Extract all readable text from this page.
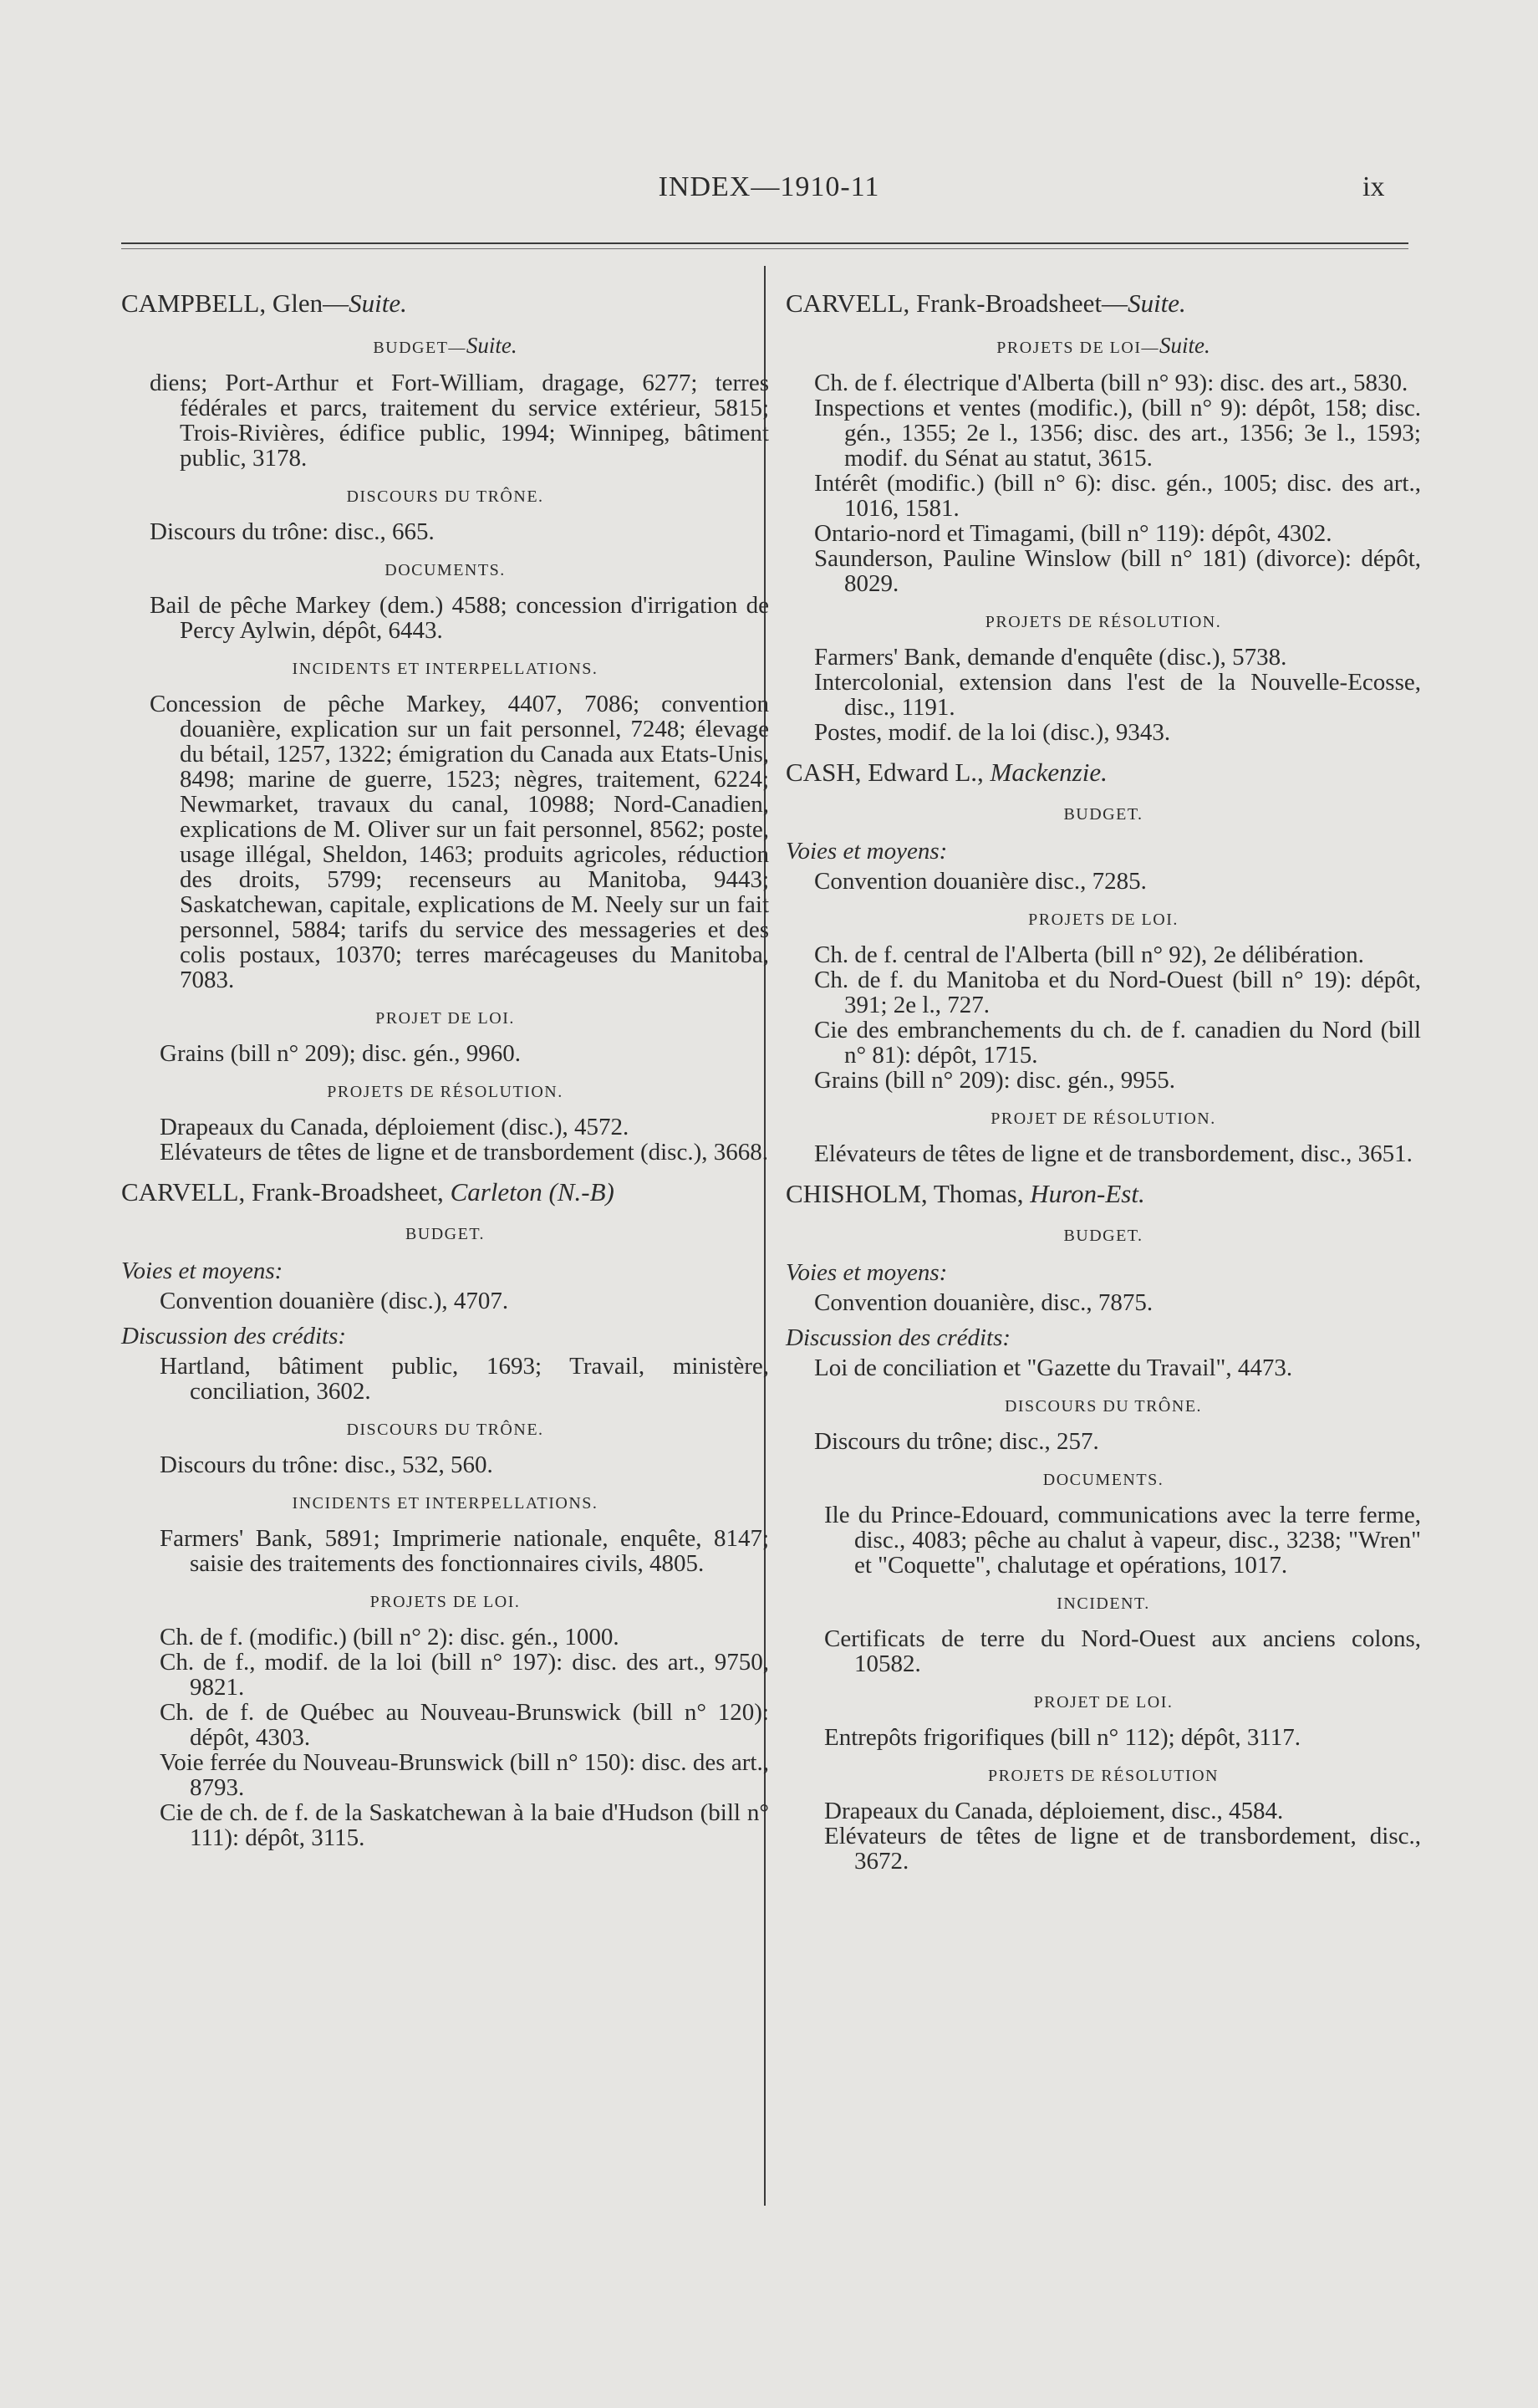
INDEX—1910-11	ix
CAMPBELL, Glen—Suite.
BUDGET—Suite.

diens; Port-Arthur et Fort-William, dragage, 6277; terres fédérales et parcs, traitement du service extérieur, 5815; Trois-Rivières, édifice public, 1994; Winnipeg, bâtiment public, 3178.

DISCOURS DU TRÔNE.

Discours du trône: disc., 665.

DOCUMENTS.

Bail de pêche Markey (dem.) 4588; concession d'irrigation de Percy Aylwin, dépôt, 6443.

INCIDENTS ET INTERPELLATIONS.

Concession de pêche Markey, 4407, 7086; convention douanière, explication sur un fait personnel, 7248; élevage du bétail, 1257, 1322; émigration du Canada aux Etats-Unis, 8498; marine de guerre, 1523; nègres, traitement, 6224; Newmarket, travaux du canal, 10988; Nord-Canadien, explications de M. Oliver sur un fait personnel, 8562; poste, usage illégal, Sheldon, 1463; produits agricoles, réduction des droits, 5799; recenseurs au Manitoba, 9443; Saskatchewan, capitale, explications de M. Neely sur un fait personnel, 5884; tarifs du service des messageries et des colis postaux, 10370; terres marécageuses du Manitoba, 7083.

PROJET DE LOI.

Grains (bill n° 209); disc. gén., 9960.

PROJETS DE RÉSOLUTION.

Drapeaux du Canada, déploiement (disc.), 4572.

Elévateurs de têtes de ligne et de transbordement (disc.), 3668.

CARVELL, Frank-Broadsheet, Carleton (N.-B)
BUDGET.
Voies et moyens:

Convention douanière (disc.), 4707.

Discussion des crédits:

Hartland, bâtiment public, 1693; Travail, ministère, conciliation, 3602.

DISCOURS DU TRÔNE.

Discours du trône: disc., 532, 560.

INCIDENTS ET INTERPELLATIONS.

Farmers' Bank, 5891; Imprimerie nationale, enquête, 8147; saisie des traitements des fonctionnaires civils, 4805.

PROJETS DE LOI.

Ch. de f. (modific.) (bill n° 2): disc. gén., 1000.

Ch. de f., modif. de la loi (bill n° 197): disc. des art., 9750, 9821.

Ch. de f. de Québec au Nouveau-Brunswick (bill n° 120): dépôt, 4303.

Voie ferrée du Nouveau-Brunswick (bill n° 150): disc. des art., 8793.

Cie de ch. de f. de la Saskatchewan à la baie d'Hudson (bill n° 111): dépôt, 3115.

CARVELL, Frank-Broadsheet—Suite.
PROJETS DE LOI—Suite.

Ch. de f. électrique d'Alberta (bill n° 93): disc. des art., 5830.

Inspections et ventes (modific.), (bill n° 9): dépôt, 158; disc. gén., 1355; 2e l., 1356; disc. des art., 1356; 3e l., 1593; modif. du Sénat au statut, 3615.

Intérêt (modific.) (bill n° 6): disc. gén., 1005; disc. des art., 1016, 1581.

Ontario-nord et Timagami, (bill n° 119): dépôt, 4302.

Saunderson, Pauline Winslow (bill n° 181) (divorce): dépôt, 8029.

PROJETS DE RÉSOLUTION.

Farmers' Bank, demande d'enquête (disc.), 5738.

Intercolonial, extension dans l'est de la Nouvelle-Ecosse, disc., 1191.

Postes, modif. de la loi (disc.), 9343.

CASH, Edward L., Mackenzie.
BUDGET.
Voies et moyens:

Convention douanière disc., 7285.

PROJETS DE LOI.

Ch. de f. central de l'Alberta (bill n° 92), 2e délibération.

Ch. de f. du Manitoba et du Nord-Ouest (bill n° 19): dépôt, 391; 2e l., 727.

Cie des embranchements du ch. de f. canadien du Nord (bill n° 81): dépôt, 1715.

Grains (bill n° 209): disc. gén., 9955.

PROJET DE RÉSOLUTION.

Elévateurs de têtes de ligne et de transbordement, disc., 3651.

CHISHOLM, Thomas, Huron-Est.
BUDGET.
Voies et moyens:

Convention douanière, disc., 7875.

Discussion des crédits:

Loi de conciliation et "Gazette du Travail", 4473.

DISCOURS DU TRÔNE.

Discours du trône; disc., 257.

DOCUMENTS.

Ile du Prince-Edouard, communications avec la terre ferme, disc., 4083; pêche au chalut à vapeur, disc., 3238; "Wren" et "Coquette", chalutage et opérations, 1017.

INCIDENT.

Certificats de terre du Nord-Ouest aux anciens colons, 10582.

PROJET DE LOI.

Entrepôts frigorifiques (bill n° 112); dépôt, 3117.

PROJETS DE RÉSOLUTION

Drapeaux du Canada, déploiement, disc., 4584.

Elévateurs de têtes de ligne et de transbordement, disc., 3672.
